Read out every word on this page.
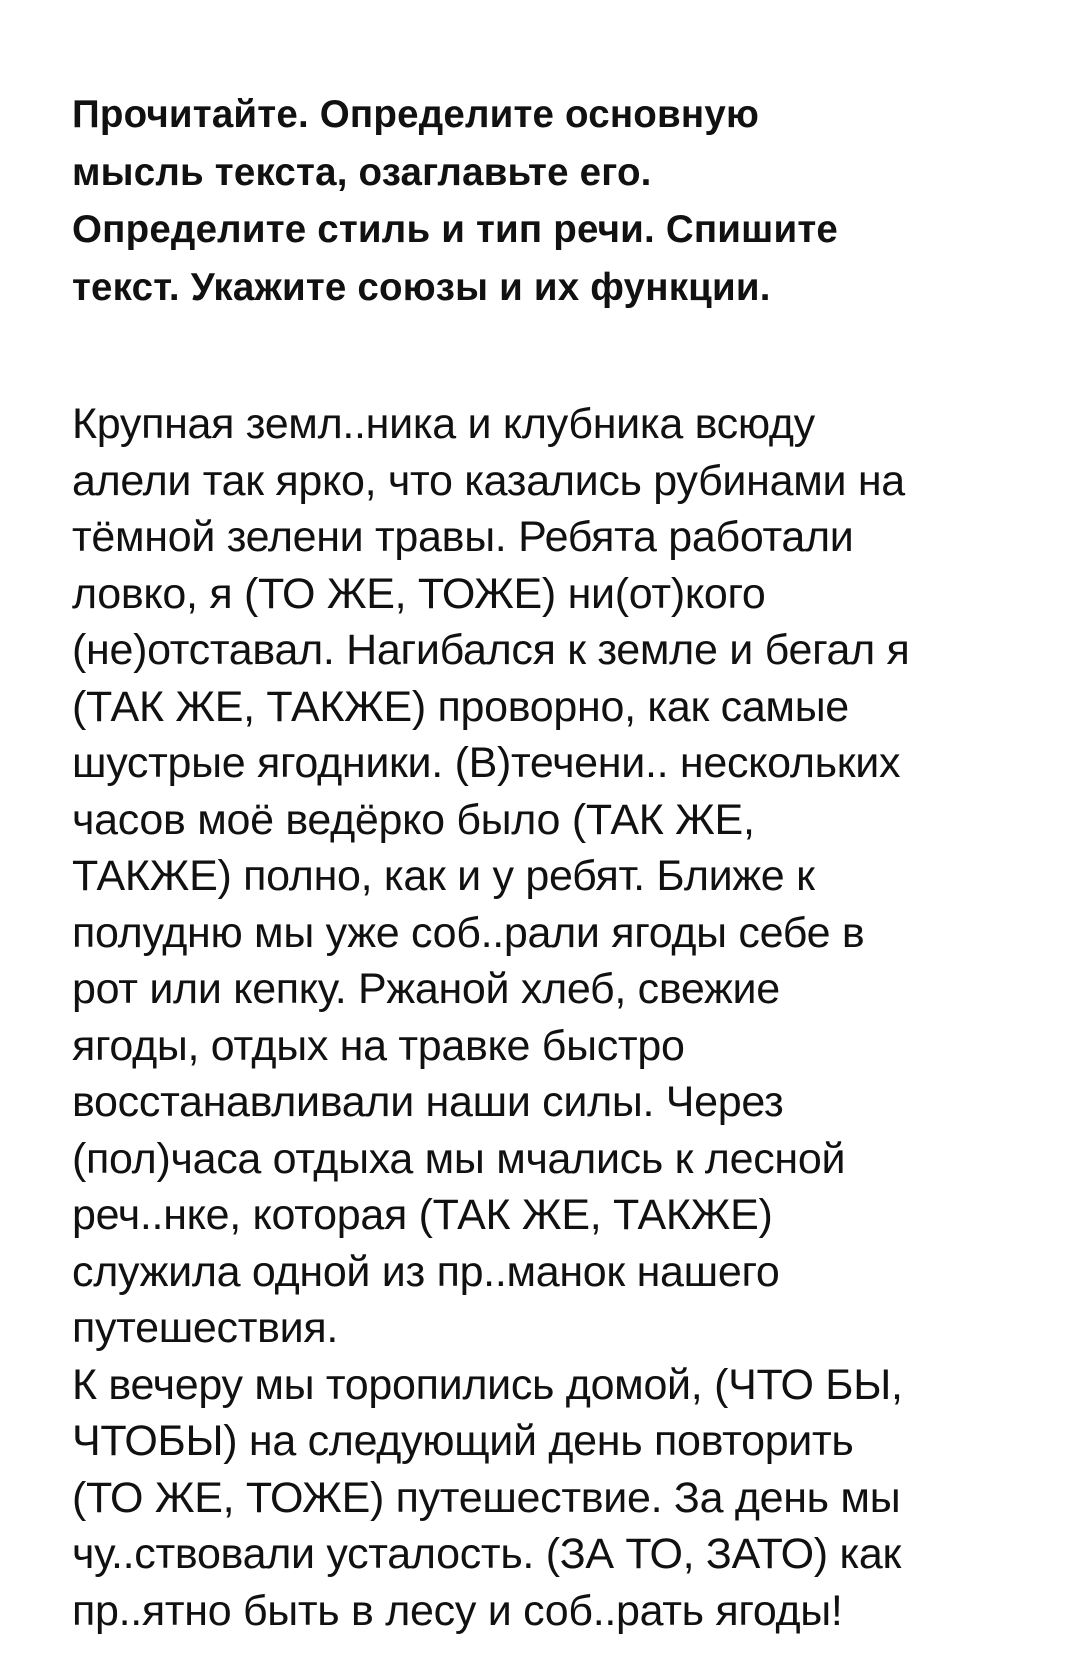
Прочитайте. Определите основную
мысль текста, озаглавьте его.
Определите стиль и тип речи. Спишите
текст. Укажите союзы и их функции.

Крупная земл..ника и клубника всюду
алели так ярко, что казались рубинами на
тёмной зелени травы. Ребята работали
ловко, я (ТО ЖЕ, ТОЖЕ) ни(от)кого
(не)отставал. Нагибался к земле и бегал я
(ТАК ЖЕ, ТАКЖЕ) проворно, как самые
шустрые ягодники. (В)течени.. нескольких
часов моё ведёрко было (ТАК ЖЕ,
ТАКЖЕ) полно, как и у ребят. Ближе к
полудню мы уже соб..рали ягоды себе в
рот или кепку. Ржаной хлеб, свежие
ягоды, отдых на травке быстро
восстанавливали наши силы. Через
(пол)часа отдыха мы мчались к лесной
реч..нке, которая (ТАК ЖЕ, ТАКЖЕ)
служила одной из пр..манок нашего
путешествия.
К вечеру мы торопились домой, (ЧТО БЫ,
ЧТОБЫ) на следующий день повторить
(ТО ЖЕ, ТОЖЕ) путешествие. За день мы
чу..ствовали усталость. (ЗА ТО, ЗАТО) как
пр..ятно быть в лесу и соб..рать ягоды!
